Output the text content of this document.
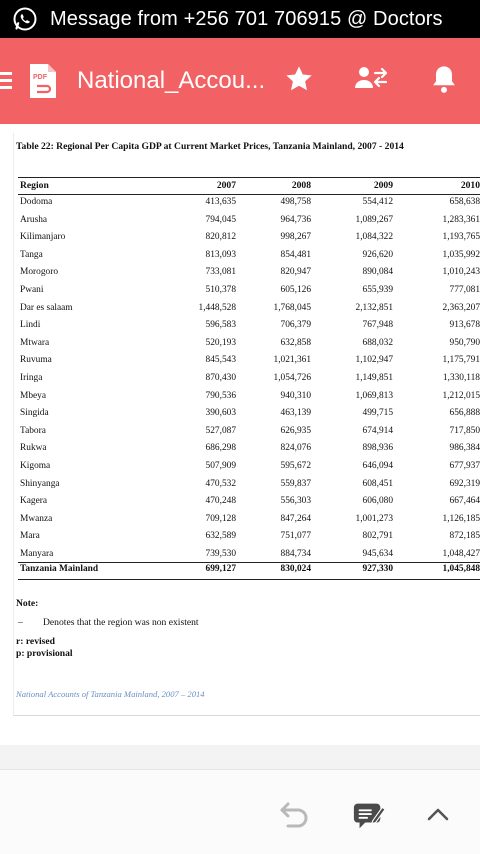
Message from +256 701 706915 @ Doctors
PDF National_Accou...
Table 22: Regional Per Capita GDP at Current Market Prices, Tanzania Mainland, 2007 - 2014
Region	2007	2008	2009	2010
Dodoma	413,635	498,758	554,412	658,638
Arusha	794,045	964,736	1,089,267	1,283,361
Kilimanjaro	820,812	998,267	1,084,322	1,193,765
Tanga	813,093	854,481	926,620	1,035,992
Morogoro	733,081	820,947	890,084	1,010,243
Pwani	510,378	605,126	655,939	777,081
Dar es salaam	1,448,528	1,768,045	2,132,851	2,363,207
Lindi	596,583	706,379	767,948	913,678
Mtwara	520,193	632,858	688,032	950,790
Ruvuma	845,543	1,021,361	1,102,947	1,175,791
Iringa	870,430	1,054,726	1,149,851	1,330,118
Mbeya	790,536	940,310	1,069,813	1,212,015
Singida	390,603	463,139	499,715	656,888
Tabora	527,087	626,935	674,914	717,850
Rukwa	686,298	824,076	898,936	986,384
Kigoma	507,909	595,672	646,094	677,937
Shinyanga	470,532	559,837	608,451	692,319
Kagera	470,248	556,303	606,080	667,464
Mwanza	709,128	847,264	1,001,273	1,126,185
Mara	632,589	751,077	802,791	872,185
Manyara	739,530	884,734	945,634	1,048,427
Tanzania Mainland	699,127	830,024	927,330	1,045,848
Note:
– Denotes that the region was non existent
r: revised
p: provisional
National Accounts of Tanzania Mainland, 2007 – 2014
